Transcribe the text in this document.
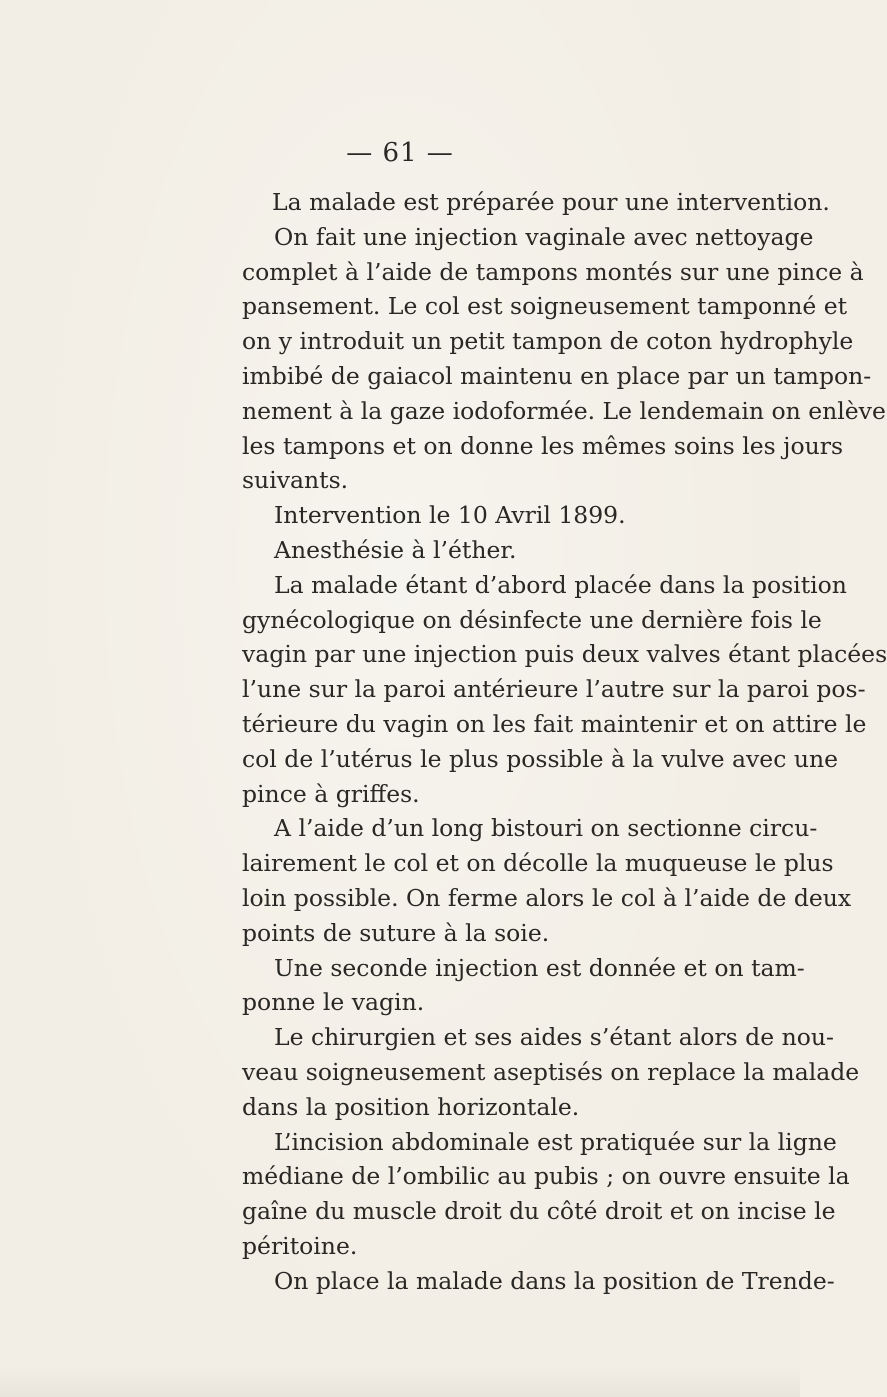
— 61 —
La malade est préparée pour une intervention.
On fait une injection vaginale avec nettoyage
complet à l’aide de tampons montés sur une pince à
pansement. Le col est soigneusement tamponné et
on y introduit un petit tampon de coton hydrophyle
imbibé de gaiacol maintenu en place par un tampon-
nement à la gaze iodoformée. Le lendemain on enlève
les tampons et on donne les mêmes soins les jours
suivants.
Intervention le 10 Avril 1899.
Anesthésie à l’éther.
La malade étant d’abord placée dans la position
gynécologique on désinfecte une dernière fois le
vagin par une injection puis deux valves étant placées
l’une sur la paroi antérieure l’autre sur la paroi pos-
térieure du vagin on les fait maintenir et on attire le
col de l’utérus le plus possible à la vulve avec une
pince à griffes.
A l’aide d’un long bistouri on sectionne circu-
lairement le col et on décolle la muqueuse le plus
loin possible. On ferme alors le col à l’aide de deux
points de suture à la soie.
Une seconde injection est donnée et on tam-
ponne le vagin.
Le chirurgien et ses aides s’étant alors de nou-
veau soigneusement aseptisés on replace la malade
dans la position horizontale.
L’incision abdominale est pratiquée sur la ligne
médiane de l’ombilic au pubis ; on ouvre ensuite la
gaîne du muscle droit du côté droit et on incise le
péritoine.
On place la malade dans la position de Trende-
